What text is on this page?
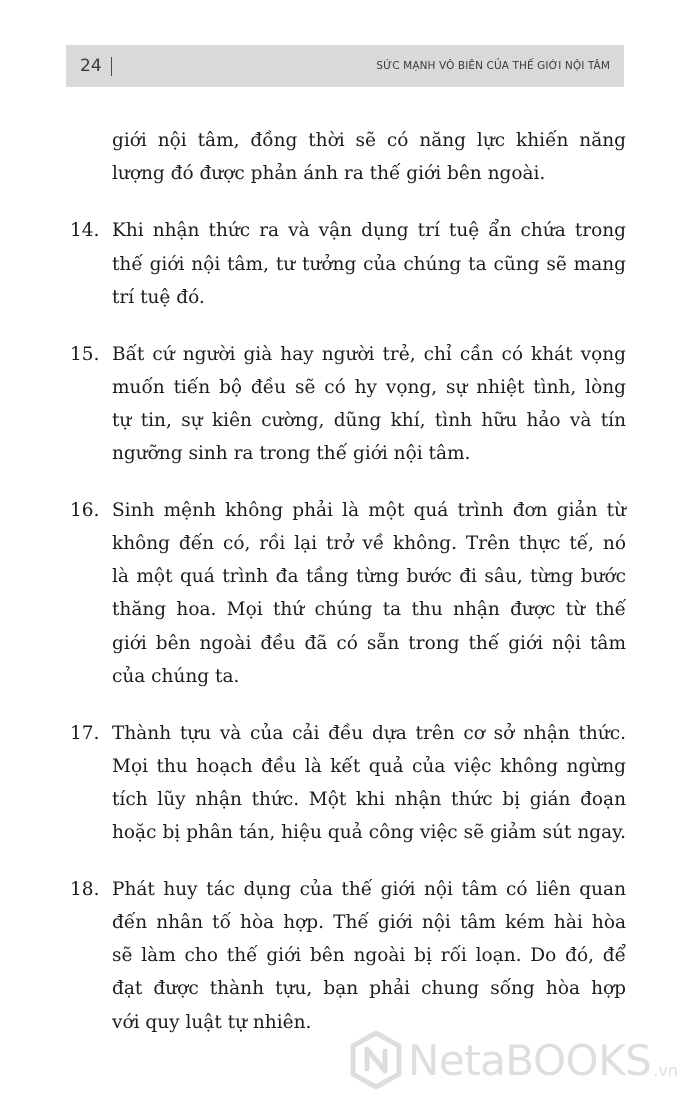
24	SỨC MẠNH VÔ BIÊN CỦA THẾ GIỚI NỘI TÂM
giới nội tâm, đồng thời sẽ có năng lực khiến năng
lượng đó được phản ánh ra thế giới bên ngoài.
14. Khi nhận thức ra và vận dụng trí tuệ ẩn chứa trong
thế giới nội tâm, tư tưởng của chúng ta cũng sẽ mang
trí tuệ đó.
15. Bất cứ người già hay người trẻ, chỉ cần có khát vọng
muốn tiến bộ đều sẽ có hy vọng, sự nhiệt tình, lòng
tự tin, sự kiên cường, dũng khí, tình hữu hảo và tín
ngưỡng sinh ra trong thế giới nội tâm.
16. Sinh mệnh không phải là một quá trình đơn giản từ
không đến có, rồi lại trở về không. Trên thực tế, nó
là một quá trình đa tầng từng bước đi sâu, từng bước
thăng hoa. Mọi thứ chúng ta thu nhận được từ thế
giới bên ngoài đều đã có sẵn trong thế giới nội tâm
của chúng ta.
17. Thành tựu và của cải đều dựa trên cơ sở nhận thức.
Mọi thu hoạch đều là kết quả của việc không ngừng
tích lũy nhận thức. Một khi nhận thức bị gián đoạn
hoặc bị phân tán, hiệu quả công việc sẽ giảm sút ngay.
18. Phát huy tác dụng của thế giới nội tâm có liên quan
đến nhân tố hòa hợp. Thế giới nội tâm kém hài hòa
sẽ làm cho thế giới bên ngoài bị rối loạn. Do đó, để
đạt được thành tựu, bạn phải chung sống hòa hợp
với quy luật tự nhiên.
NetaBOOKS .vn
